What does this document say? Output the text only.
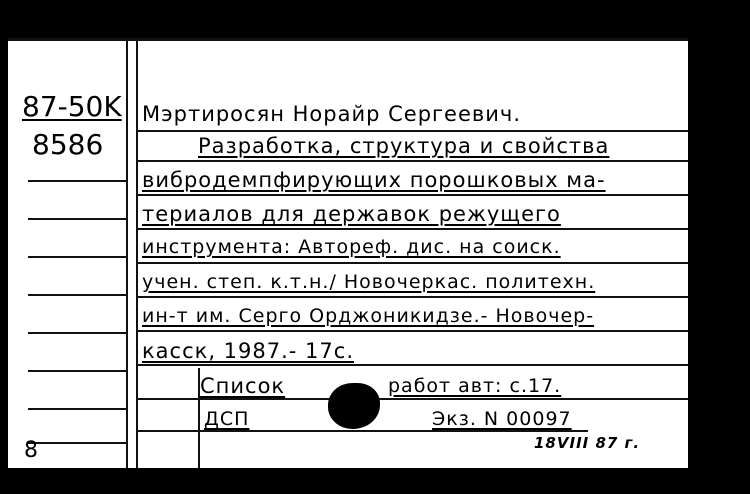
87-50K
8586
8
Мэртиросян Норайр Сергеевич.
Разработка, структура и свойства
вибродемпфирующих порошковых ма-
териалов для державок режущего
инструмента: Автореф. дис. на соиск.
учен. степ. к.т.н./ Новочеркас. политехн.
ин-т им. Серго Орджоникидзе.- Новочер-
касск, 1987.- 17с.
Список	работ авт: с.17.
ДСП	Экз. N 00097
18VIII 87 г.
